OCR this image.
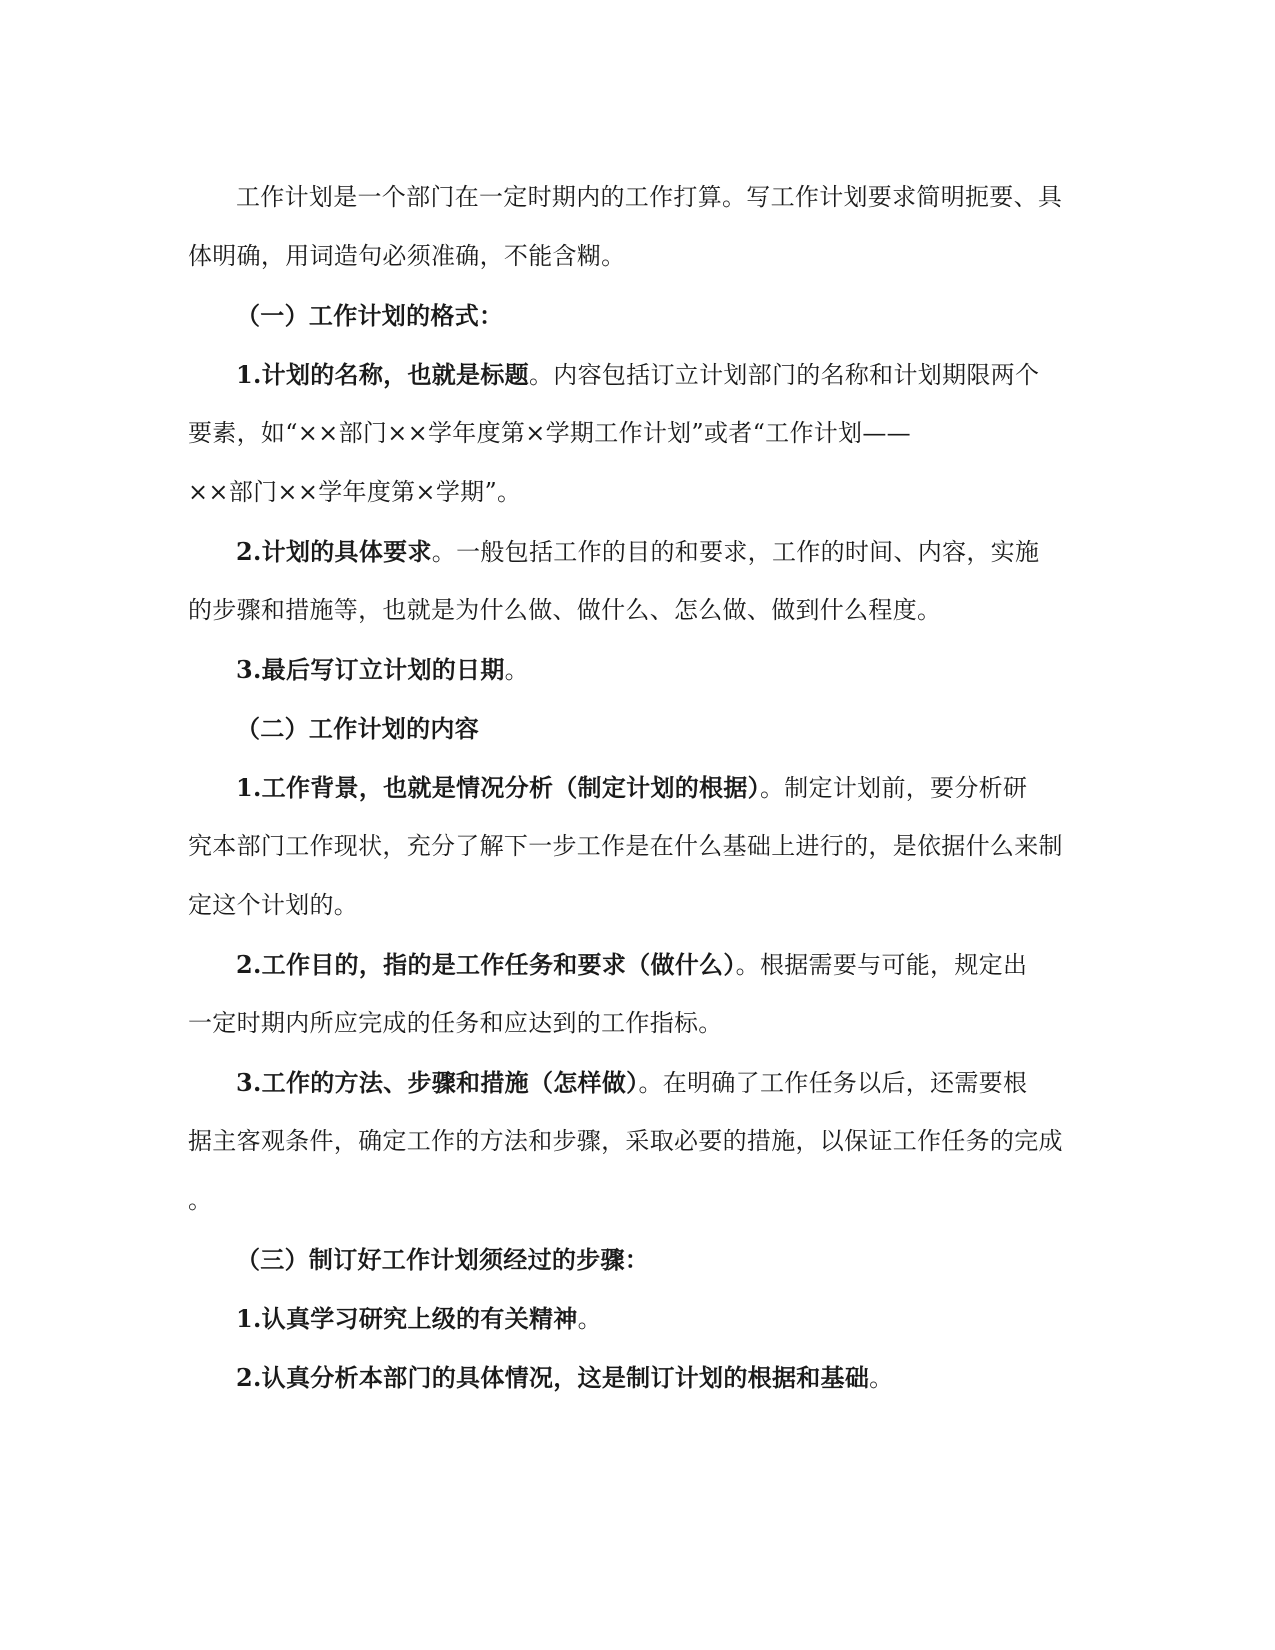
工作计划是一个部门在一定时期内的工作打算。写工作计划要求简明扼要、具
体明确，用词造句必须准确，不能含糊。
（一）工作计划的格式：
1.计划的名称，也就是标题。内容包括订立计划部门的名称和计划期限两个
要素，如“××部门××学年度第×学期工作计划”或者“工作计划——
××部门××学年度第×学期”。
2.计划的具体要求。一般包括工作的目的和要求，工作的时间、内容，实施
的步骤和措施等，也就是为什么做、做什么、怎么做、做到什么程度。
3.最后写订立计划的日期。
（二）工作计划的内容
1.工作背景，也就是情况分析（制定计划的根据）。制定计划前，要分析研
究本部门工作现状，充分了解下一步工作是在什么基础上进行的，是依据什么来制
定这个计划的。
2.工作目的，指的是工作任务和要求（做什么）。根据需要与可能，规定出
一定时期内所应完成的任务和应达到的工作指标。
3.工作的方法、步骤和措施（怎样做）。在明确了工作任务以后，还需要根
据主客观条件，确定工作的方法和步骤，采取必要的措施，以保证工作任务的完成
。
（三）制订好工作计划须经过的步骤：
1.认真学习研究上级的有关精神。
2.认真分析本部门的具体情况，这是制订计划的根据和基础。
